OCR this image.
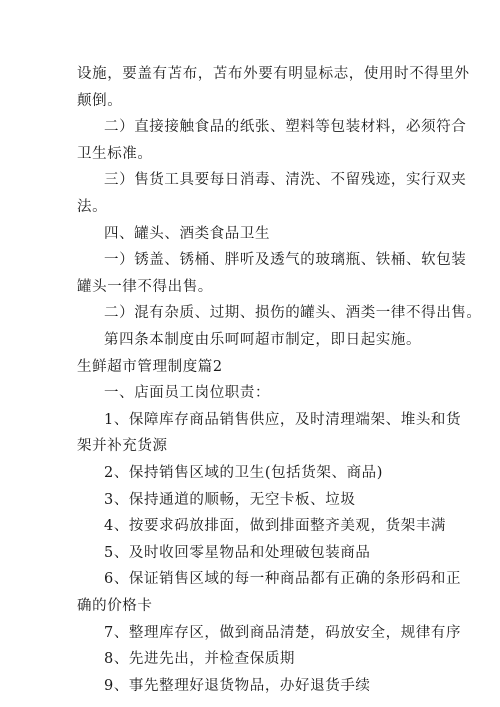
设施，要盖有苫布，苫布外要有明显标志，使用时不得里外
颠倒。
二）直接接触食品的纸张、塑料等包装材料，必须符合
卫生标准。
三）售货工具要每日消毒、清洗、不留残迹，实行双夹
法。
四、罐头、酒类食品卫生
一）锈盖、锈桶、胖听及透气的玻璃瓶、铁桶、软包装
罐头一律不得出售。
二）混有杂质、过期、损伤的罐头、酒类一律不得出售。
第四条本制度由乐呵呵超市制定，即日起实施。
生鲜超市管理制度篇2
一、店面员工岗位职责：
1、保障库存商品销售供应，及时清理端架、堆头和货
架并补充货源
2、保持销售区域的卫生(包括货架、商品)
3、保持通道的顺畅，无空卡板、垃圾
4、按要求码放排面，做到排面整齐美观，货架丰满
5、及时收回零星物品和处理破包装商品
6、保证销售区域的每一种商品都有正确的条形码和正
确的价格卡
7、整理库存区，做到商品清楚，码放安全，规律有序
8、先进先出，并检查保质期
9、事先整理好退货物品，办好退货手续
